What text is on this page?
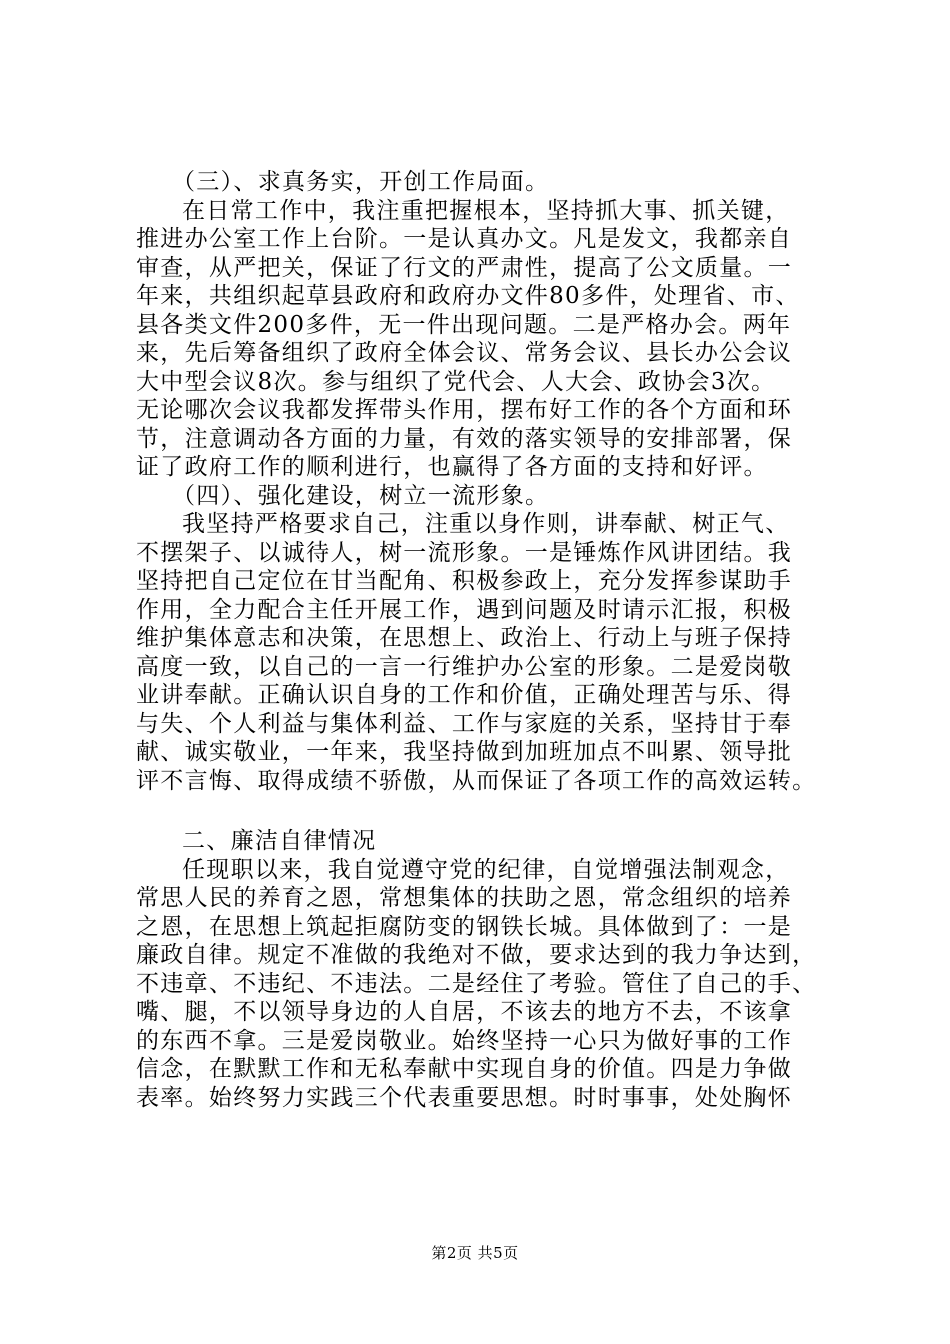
（三）、求真务实，开创工作局面。
在日常工作中，我注重把握根本，坚持抓大事、抓关键，
推进办公室工作上台阶。一是认真办文。凡是发文，我都亲自
审查，从严把关，保证了行文的严肃性，提高了公文质量。一
年来，共组织起草县政府和政府办文件80多件，处理省、市、
县各类文件200多件，无一件出现问题。二是严格办会。两年
来，先后筹备组织了政府全体会议、常务会议、县长办公会议
大中型会议8次。参与组织了党代会、人大会、政协会3次。
无论哪次会议我都发挥带头作用，摆布好工作的各个方面和环
节，注意调动各方面的力量，有效的落实领导的安排部署，保
证了政府工作的顺利进行，也赢得了各方面的支持和好评。
（四）、强化建设，树立一流形象。
我坚持严格要求自己，注重以身作则，讲奉献、树正气、
不摆架子、以诚待人，树一流形象。一是锤炼作风讲团结。我
坚持把自己定位在甘当配角、积极参政上，充分发挥参谋助手
作用，全力配合主任开展工作，遇到问题及时请示汇报，积极
维护集体意志和决策，在思想上、政治上、行动上与班子保持
高度一致，以自己的一言一行维护办公室的形象。二是爱岗敬
业讲奉献。正确认识自身的工作和价值，正确处理苦与乐、得
与失、个人利益与集体利益、工作与家庭的关系，坚持甘于奉
献、诚实敬业，一年来，我坚持做到加班加点不叫累、领导批
评不言悔、取得成绩不骄傲，从而保证了各项工作的高效运转。
二、廉洁自律情况
任现职以来，我自觉遵守党的纪律，自觉增强法制观念，
常思人民的养育之恩，常想集体的扶助之恩，常念组织的培养
之恩，在思想上筑起拒腐防变的钢铁长城。具体做到了：一是
廉政自律。规定不准做的我绝对不做，要求达到的我力争达到，
不违章、不违纪、不违法。二是经住了考验。管住了自己的手、
嘴、腿，不以领导身边的人自居，不该去的地方不去，不该拿
的东西不拿。三是爱岗敬业。始终坚持一心只为做好事的工作
信念，在默默工作和无私奉献中实现自身的价值。四是力争做
表率。始终努力实践三个代表重要思想。时时事事，处处胸怀
第2页 共5页
